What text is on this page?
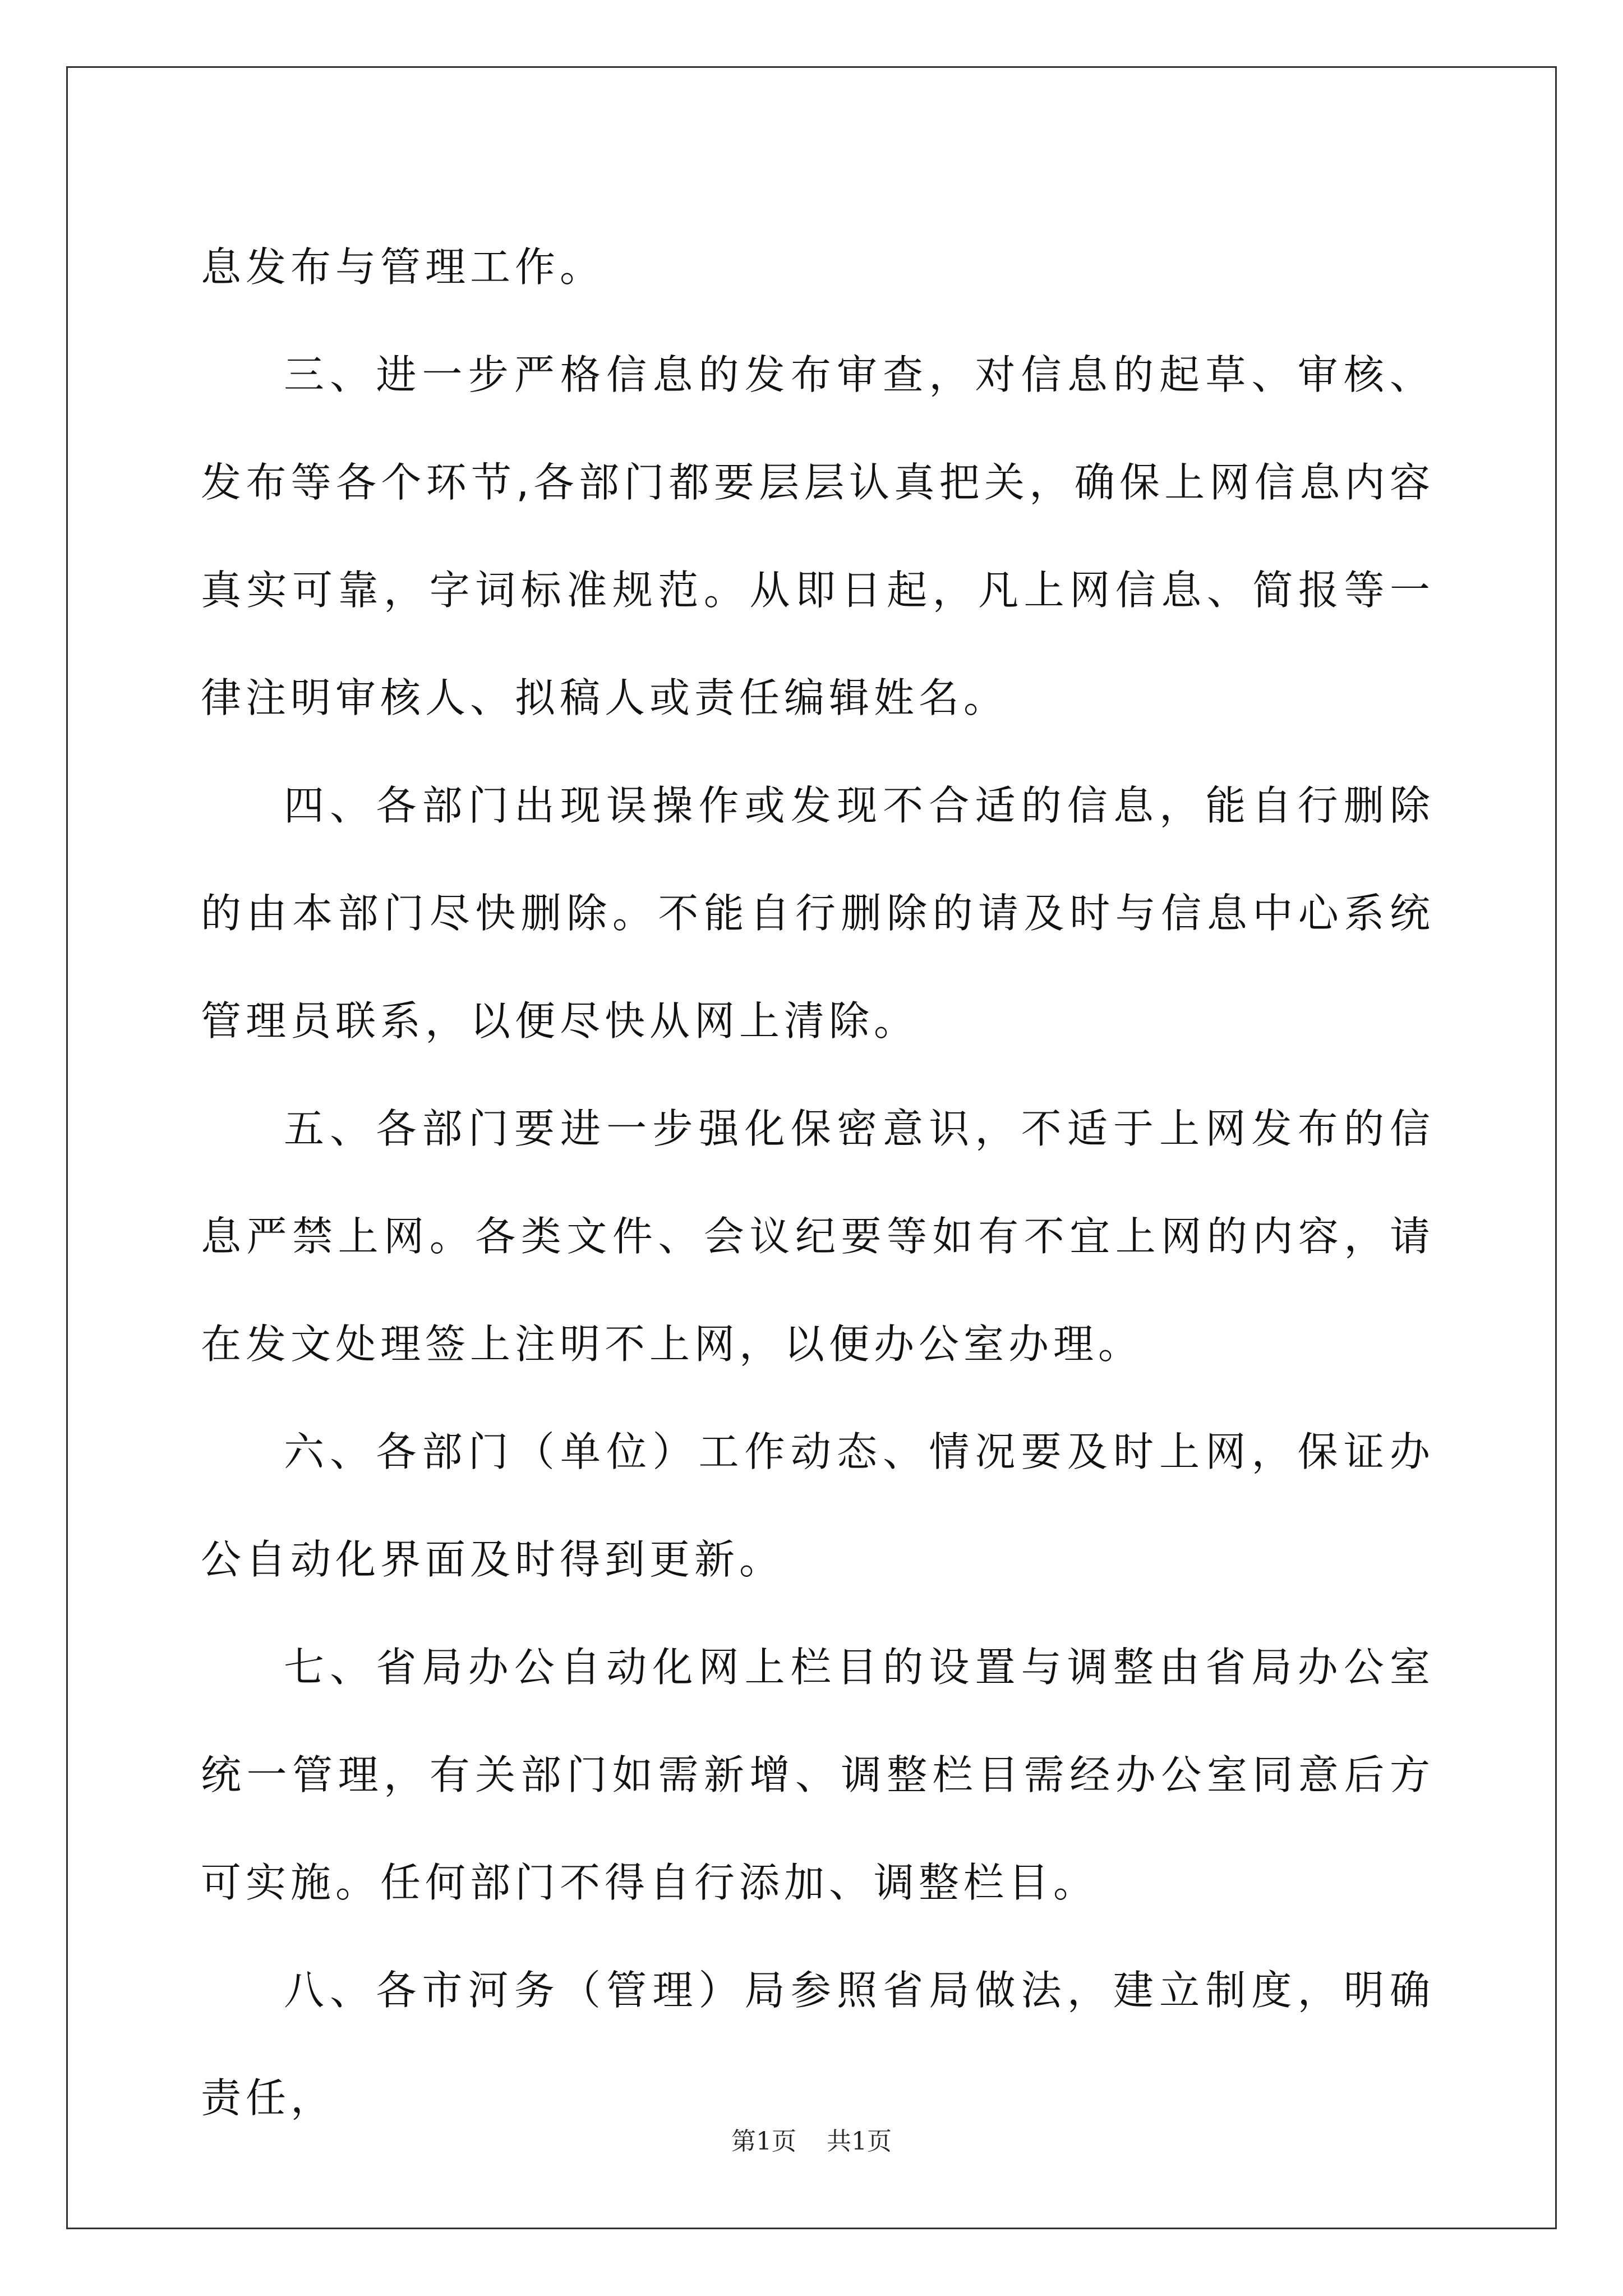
息发布与管理工作。

三、进一步严格信息的发布审查，对信息的起草、审核、发布等各个环节,各部门都要层层认真把关，确保上网信息内容真实可靠，字词标准规范。从即日起，凡上网信息、简报等一律注明审核人、拟稿人或责任编辑姓名。

四、各部门出现误操作或发现不合适的信息，能自行删除的由本部门尽快删除。不能自行删除的请及时与信息中心系统管理员联系，以便尽快从网上清除。

五、各部门要进一步强化保密意识，不适于上网发布的信息严禁上网。各类文件、会议纪要等如有不宜上网的内容，请在发文处理签上注明不上网，以便办公室办理。

六、各部门（单位）工作动态、情况要及时上网，保证办公自动化界面及时得到更新。

七、省局办公自动化网上栏目的设置与调整由省局办公室统一管理，有关部门如需新增、调整栏目需经办公室同意后方可实施。任何部门不得自行添加、调整栏目。

八、各市河务（管理）局参照省局做法，建立制度，明确责任，

第1页 共1页
